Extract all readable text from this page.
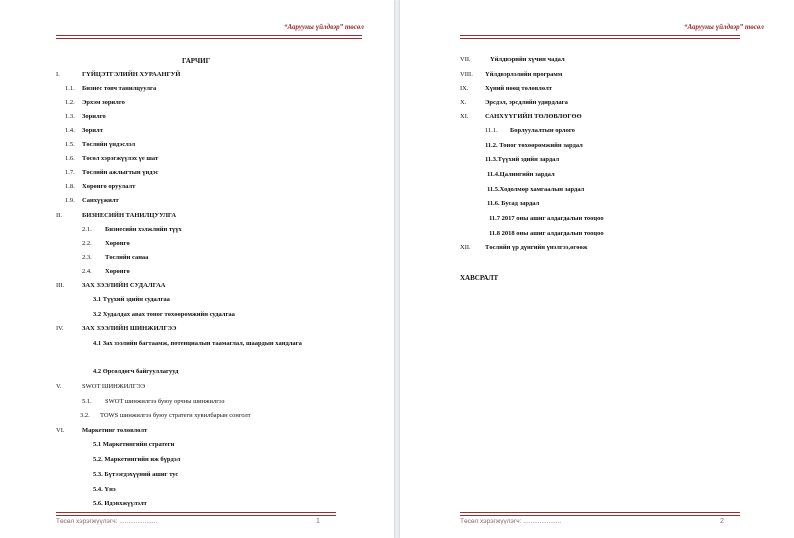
“Аарууны үйлдвэр” төсөл
ГАРЧИГ
I.	ГҮЙЦЭТГЭЛИЙН ХУРААНГУЙ
1.1. Бизнес товч танилцуулга
1.2. Эрхэм зорилго
1.3. Зорилго
1.4. Зорилт
1.5. Төслийн үндэслэл
1.6. Төсөл хэрэгжүүлэх үе шат
1.7. Төслийн ажлыгтын үндэс
1.8. Хөрөнгө оруулалт
1.9. Санхүүжилт
II.	БИЗНЕСИЙН ТАНИЛЦУУЛГА
2.1. Бизнесийн хэлжлийн түүх
2.2. Хөрөнгө
2.3. Төслийн санаа
2.4. Хөрөнгө
III.	ЗАХ ЗЭЭЛИЙН СУДАЛГАА
3.1 Түүхий эдийн судалгаа
3.2 Худалдах авах тоног төхөөрөмжийн судалгаа
IV.	ЗАХ ЗЭЭЛИЙН ШИНЖИЛГЭЭ
4.1 Зах зээлийн багтаамж, потенциалын таамаглал, шаардын хандлага
4.2 Өрсөлдөгч байгууллагууд
V.	SWOT ШИНЖИЛГЭЭ
5.1. SWOT шинжилгээ буюу орчны шинжилгээ
3.2. TOWS шинжилгээ буюу стратеги хувилбарын сонголт
VI.	Маркетинг төлөвлөлт
5.1 Маркетингийн стратеги
5.2. Маркетингийн иж бүрдэл
5.3. Бүтээгдэхүүний ашиг тус
5.4. Үнэ
5.6. Идэвхжүүлэлт
Төсөл хэрэгжүүлэгч: .....................	1
“Аарууны үйлдвэр” төсөл
Төсөл хэрэгжүүлэгч: .....................	2
VII.	Үйлдвэрийн хүчин чадал
VIII. Үйлдвэрлэлийн программ
IX.	Хүний нөөц төлөвлөлт
X.	Эрсдэл, эрсдлийн удирдлага
XI.	САНХҮҮГИЙН ТӨЛӨВЛӨГӨӨ
11.1. Борлуулалтын орлого
11.2. Тоног төхөөрөмжийн зардал
11.3.Түүхий эдийн зардал
11.4.Цалингийн зардал
11.5.Ходолмөр хамгаалын зардал
11.6. Бусад зардал
11.7 2017 оны ашиг алдагдалын тооцоо
11.8 2018 оны ашиг алдагдалын тооцоо
XII. Төслийн үр дүнгийн үнэлгээ,өгөөж
ХАВСРАЛТ
